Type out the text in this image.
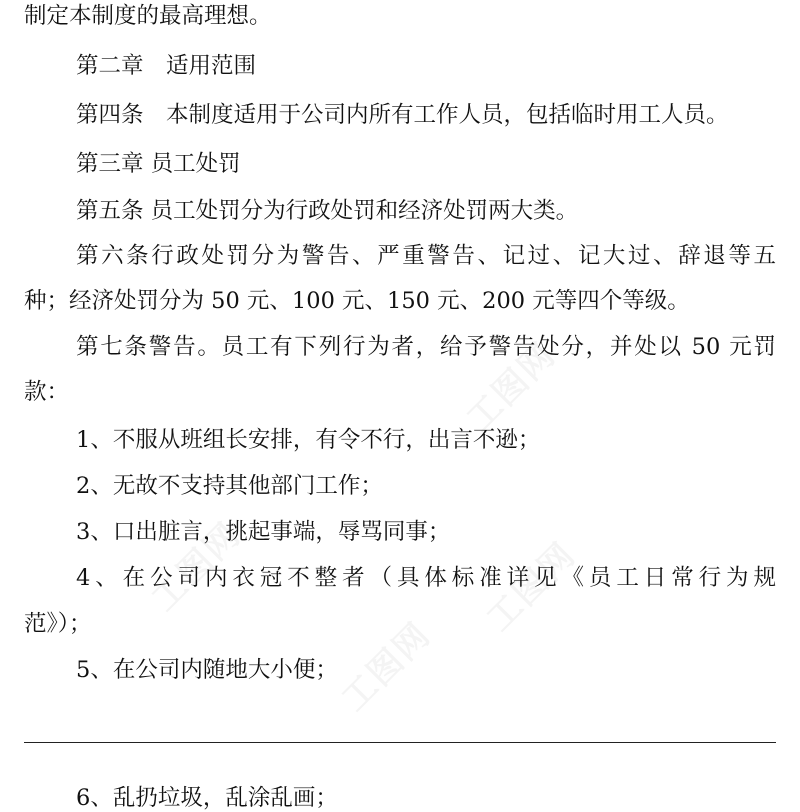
制定本制度的最高理想。
第二章　适用范围
第四条　本制度适用于公司内所有工作人员，包括临时用工人员。
第三章 员工处罚
第五条 员工处罚分为行政处罚和经济处罚两大类。
第六条行政处罚分为警告、严重警告、记过、记大过、辞退等五
种；经济处罚分为 50 元、100 元、150 元、200 元等四个等级。
第七条警告。员工有下列行为者，给予警告处分，并处以 50 元罚
款：
1、不服从班组长安排，有令不行，出言不逊；
2、无故不支持其他部门工作；
3、口出脏言，挑起事端，辱骂同事；
4、在公司内衣冠不整者（具体标准详见《员工日常行为规
范》）；
5、在公司内随地大小便；
6、乱扔垃圾，乱涂乱画；
